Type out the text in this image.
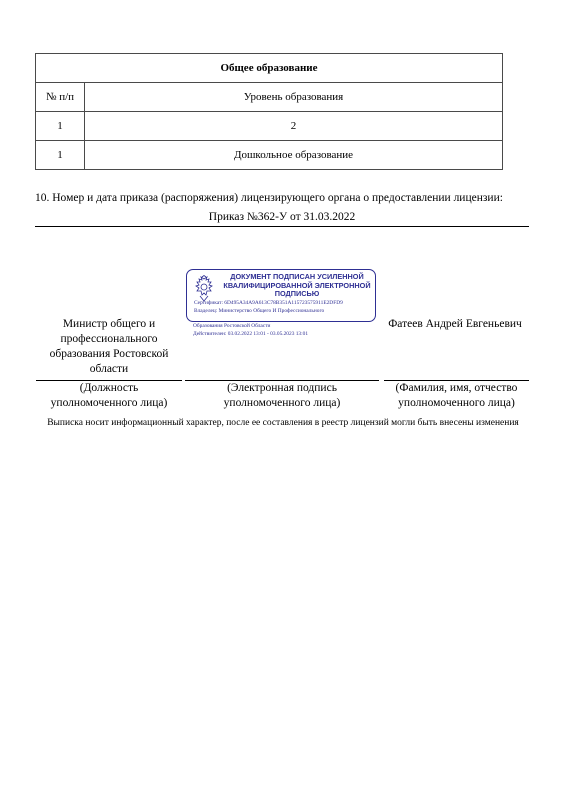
Общее образование	
№ п/п	Уровень образования
1	2
1	Дошкольное образование
10. Номер и дата приказа (распоряжения) лицензирующего органа о предоставлении лицензии:
Приказ №362-У от 31.03.2022
ДОКУМЕНТ ПОДПИСАН УСИЛЕННОЙ КВАЛИФИЦИРОВАННОЙ ЭЛЕКТРОННОЙ ПОДПИСЬЮ
Сертификат: 6D495A34A9A613C78B351A115723575911E2DFD9
Владелец: Министерство Общего И Профессионального
Образования Ростовской Области
Действителен: 03.02.2022 13:01 - 03.05.2023 13:01
Министр общего и профессионального образования Ростовской области
Фатеев Андрей Евгеньевич
(Должность уполномоченного лица)
(Электронная подпись уполномоченного лица)
(Фамилия, имя, отчество уполномоченного лица)
Выписка носит информационный характер, после ее составления в реестр лицензий могли быть внесены изменения
